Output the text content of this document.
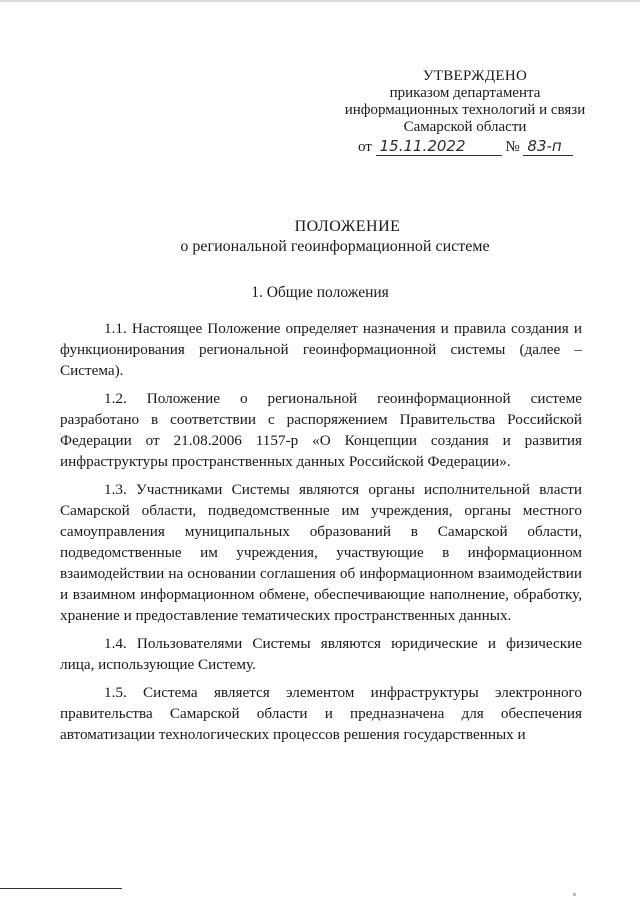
УТВЕРЖДЕНО
приказом департамента
информационных технологий и связи
Самарской области
от 15.11.2022	№ 83-п
ПОЛОЖЕНИЕ
о региональной геоинформационной системе
1. Общие положения

1.1. Настоящее Положение определяет назначения и правила создания и функционирования региональной геоинформационной системы (далее – Система).

1.2. Положение о региональной геоинформационной системе разработано в соответствии с распоряжением Правительства Российской Федерации от 21.08.2006 1157-р «О Концепции создания и развития инфраструктуры пространственных данных Российской Федерации».

1.3. Участниками Системы являются органы исполнительной власти Самарской области, подведомственные им учреждения, органы местного самоуправления муниципальных образований в Самарской области, подведомственные им учреждения, участвующие в информационном взаимодействии на основании соглашения об информационном взаимодействии и взаимном информационном обмене, обеспечивающие наполнение, обработку, хранение и предоставление тематических пространственных данных.

1.4. Пользователями Системы являются юридические и физические лица, использующие Систему.

1.5. Система является элементом инфраструктуры электронного правительства Самарской области и предназначена для обеспечения автоматизации технологических процессов решения государственных и
